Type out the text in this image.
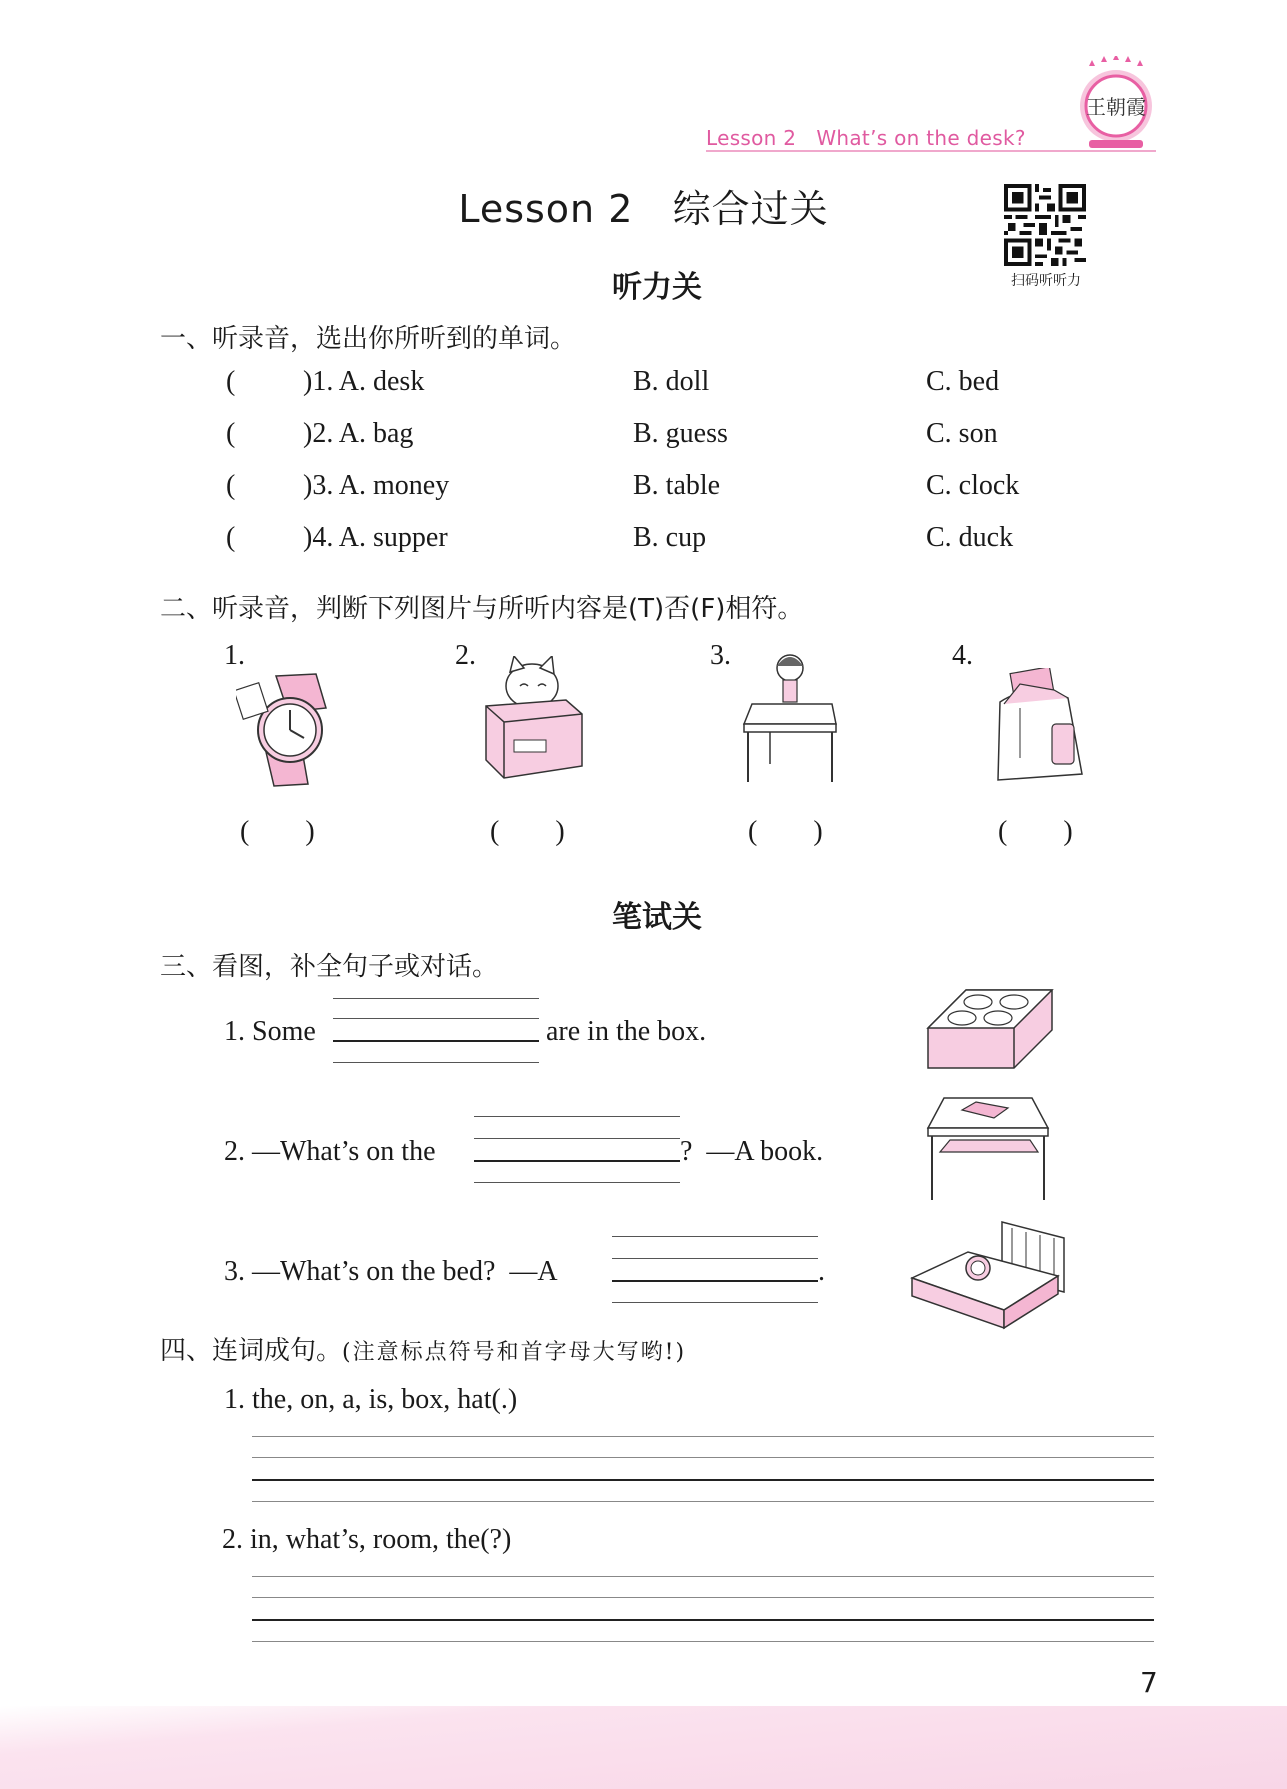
王朝霞
Lesson 2 What’s on the desk?
Lesson 2 综合过关
扫码听听力
听力关
一、听录音，选出你所听到的单词。
( )1. A. desk	B. doll	C. bed
( )2. A. bag	B. guess	C. son
( )3. A. money	B. table	C. clock
( )4. A. supper	B. cup	C. duck
二、听录音，判断下列图片与所听内容是(T)否(F)相符。
1.	2.	3.	4.
(        )	(        )	(        )	(        )
笔试关
三、看图，补全句子或对话。
1. Some	are in the box.
2. —What’s on the	?  —A book.
3. —What’s on the bed?  —A	.
四、连词成句。(注意标点符号和首字母大写哟!)
1. the, on, a, is, box, hat(.)
2. in, what’s, room, the(?)
7
